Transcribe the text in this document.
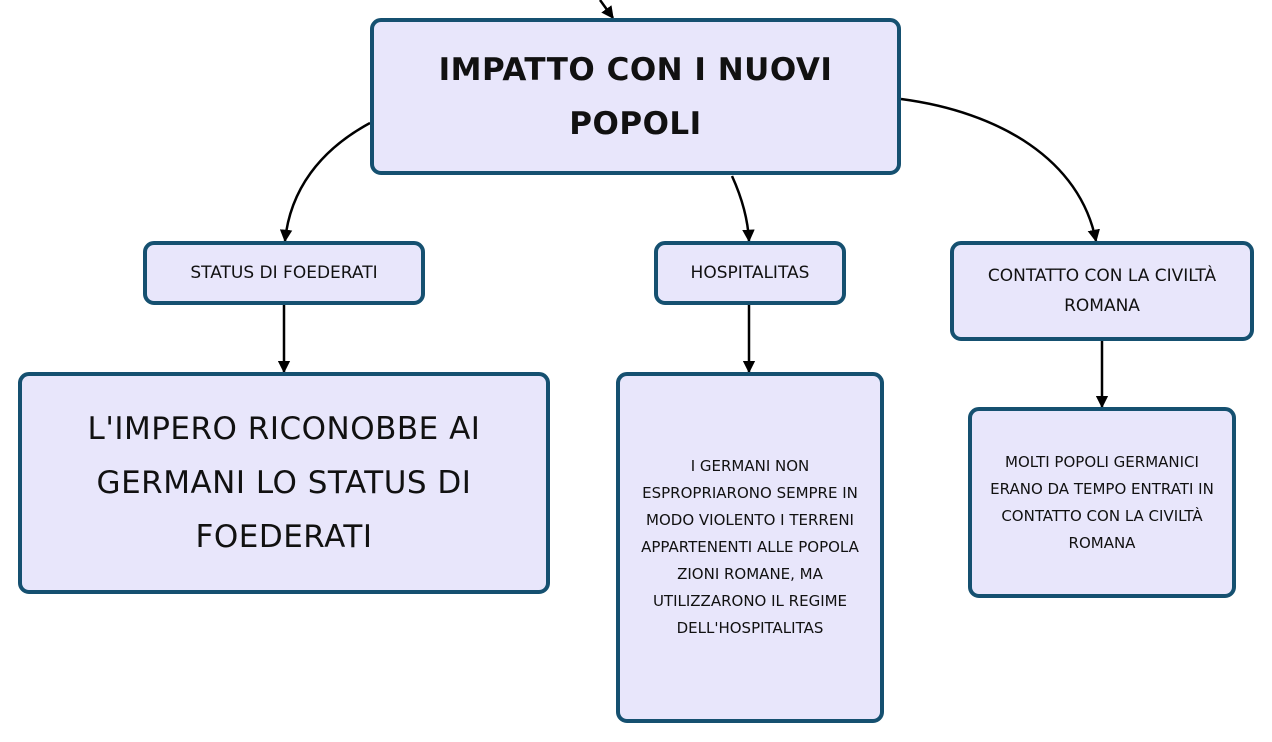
IMPATTO CON I NUOVI POPOLI
STATUS DI FOEDERATI	HOSPITALITAS	CONTATTO CON LA CIVILTÀ ROMANA
L'IMPERO RICONOBBE AI GERMANI LO STATUS DI FOEDERATI
I GERMANI NON ESPROPRIARONO SEMPRE IN MODO VIOLENTO I TERRENI APPARTENENTI ALLE POPOLA ZIONI ROMANE, MA UTILIZZARONO IL REGIME DELL'HOSPITALITAS
MOLTI POPOLI GERMANICI ERANO DA TEMPO ENTRATI IN CONTATTO CON LA CIVILTÀ ROMANA
